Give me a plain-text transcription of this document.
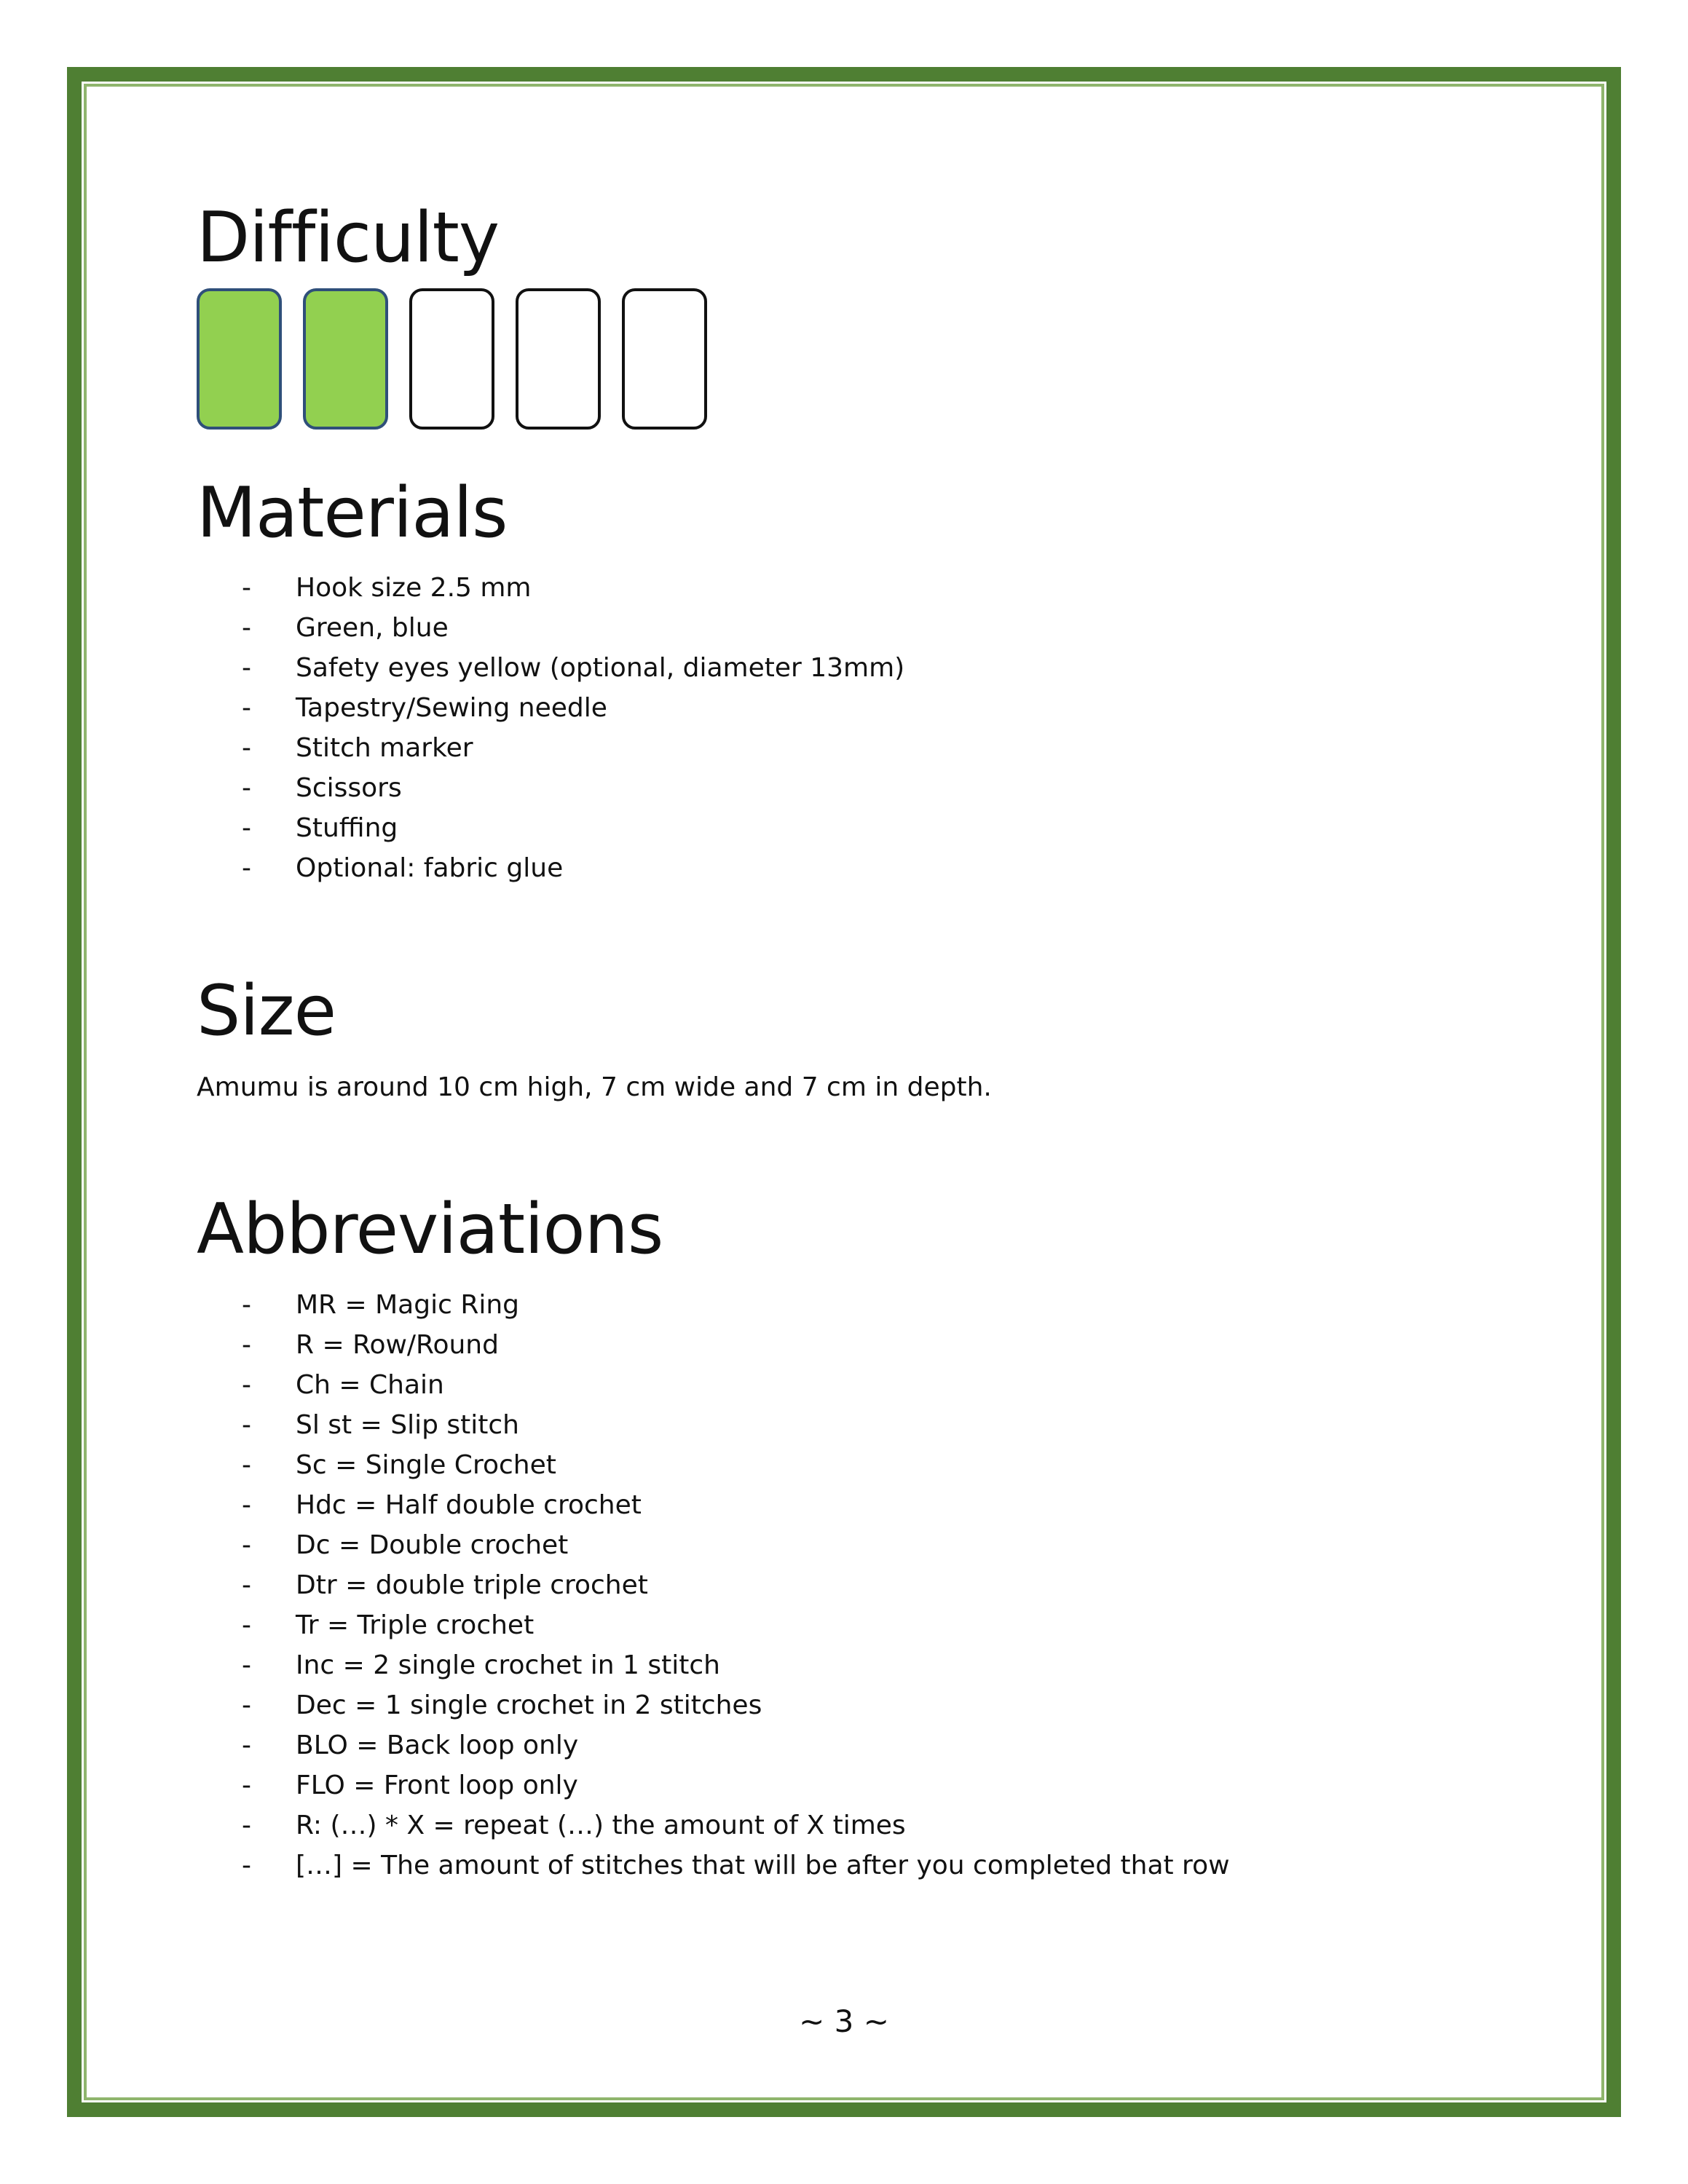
Difficulty
Materials
- Hook size 2.5 mm
- Green, blue
- Safety eyes yellow (optional, diameter 13mm)
- Tapestry/Sewing needle
- Stitch marker
- Scissors
- Stuffing
- Optional: fabric glue
Size
Amumu is around 10 cm high, 7 cm wide and 7 cm in depth.
Abbreviations
- MR = Magic Ring
- R = Row/Round
- Ch = Chain
- Sl st = Slip stitch
- Sc = Single Crochet
- Hdc = Half double crochet
- Dc = Double crochet
- Dtr = double triple crochet
- Tr = Triple crochet
- Inc = 2 single crochet in 1 stitch
- Dec = 1 single crochet in 2 stitches
- BLO = Back loop only
- FLO = Front loop only
- R: (…) * X = repeat (…) the amount of X times
- […] = The amount of stitches that will be after you completed that row
~ 3 ~
